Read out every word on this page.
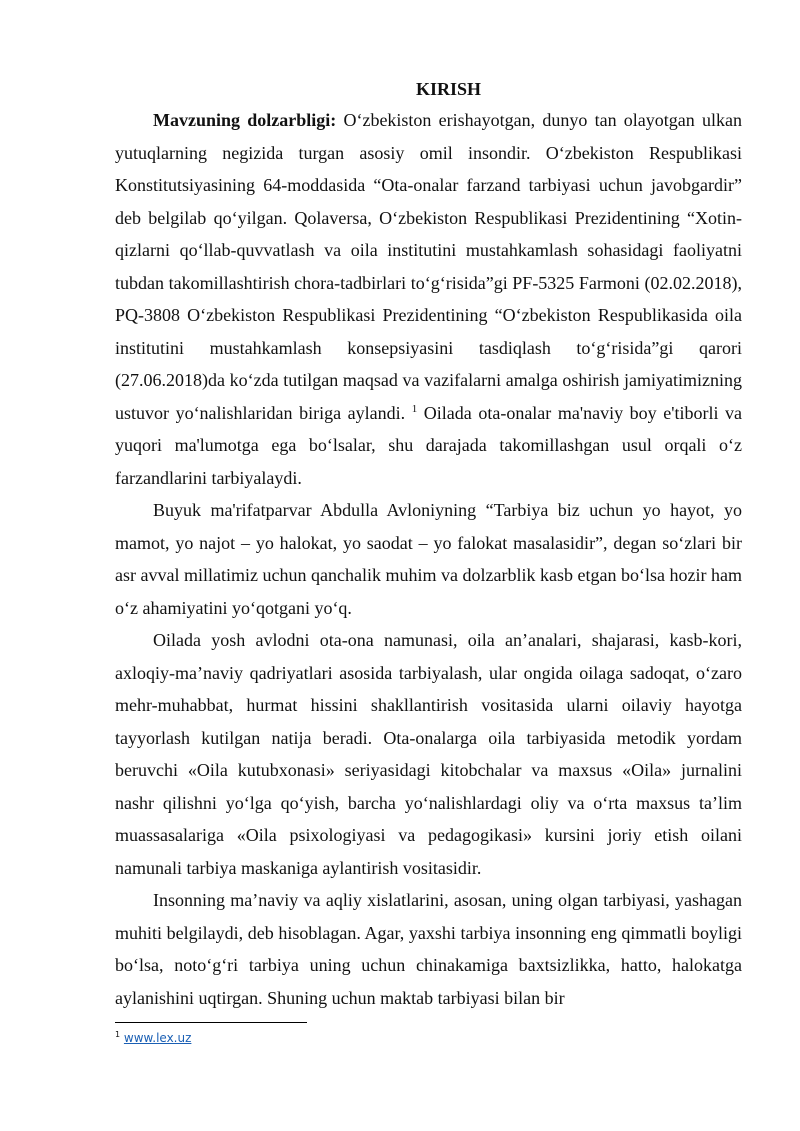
KIRISH

Mavzuning dolzarbligi: O‘zbekiston erishayotgan, dunyo tan olayotgan ulkan yutuqlarning negizida turgan asosiy omil insondir. O‘zbekiston Respublikasi Konstitutsiyasining 64-moddasida “Ota-onalar farzand tarbiyasi uchun javobgardir” deb belgilab qo‘yilgan. Qolaversa, O‘zbekiston Respublikasi Prezidentining “Xotin-qizlarni qo‘llab-quvvatlash va oila institutini mustahkamlash sohasidagi faoliyatni tubdan takomillashtirish chora-tadbirlari to‘g‘risida”gi PF-5325 Farmoni (02.02.2018), PQ-3808 O‘zbekiston Respublikasi Prezidentining “O‘zbekiston Respublikasida oila institutini mustahkamlash konsepsiyasini tasdiqlash to‘g‘risida”gi qarori (27.06.2018)da ko‘zda tutilgan maqsad va vazifalarni amalga oshirish jamiyatimizning ustuvor yo‘nalishlaridan biriga aylandi. $^1$ Oilada ota-onalar ma'naviy boy e'tiborli va yuqori ma'lumotga ega bo‘lsalar, shu darajada takomillashgan usul orqali o‘z farzandlarini tarbiyalaydi.

Buyuk ma'rifatparvar Abdulla Avloniyning “Tarbiya biz uchun yo hayot, yo mamot, yo najot – yo halokat, yo saodat – yo falokat masalasidir”, degan so‘zlari bir asr avval millatimiz uchun qanchalik muhim va dolzarblik kasb etgan bo‘lsa hozir ham o‘z ahamiyatini yo‘qotgani yo‘q.

Oilada yosh avlodni ota-ona namunasi, oila an’analari, shajarasi, kasb-kori, axloqiy-ma’naviy qadriyatlari asosida tarbiyalash, ular ongida oilaga sadoqat, o‘zaro mehr-muhabbat, hurmat hissini shakllantirish vositasida ularni oilaviy hayotga tayyorlash kutilgan natija beradi. Ota-onalarga oila tarbiyasida metodik yordam beruvchi «Oila kutubxonasi» seriyasidagi kitobchalar va maxsus «Oila» jurnalini nashr qilishni yo‘lga qo‘yish, barcha yo‘nalishlardagi oliy va o‘rta maxsus ta’lim muassasalariga «Oila psixologiyasi va pedagogikasi» kursini joriy etish oilani namunali tarbiya maskaniga aylantirish vositasidir.

Insonning ma’naviy va aqliy xislatlarini, asosan, uning olgan tarbiyasi, yashagan muhiti belgilaydi, deb hisoblagan. Agar, yaxshi tarbiya insonning eng qimmatli boyligi bo‘lsa, noto‘g‘ri tarbiya uning uchun chinakamiga baxtsizlikka, hatto, halokatga aylanishini uqtirgan. Shuning uchun maktab tarbiyasi bilan bir

$^1$ www.lex.uz
